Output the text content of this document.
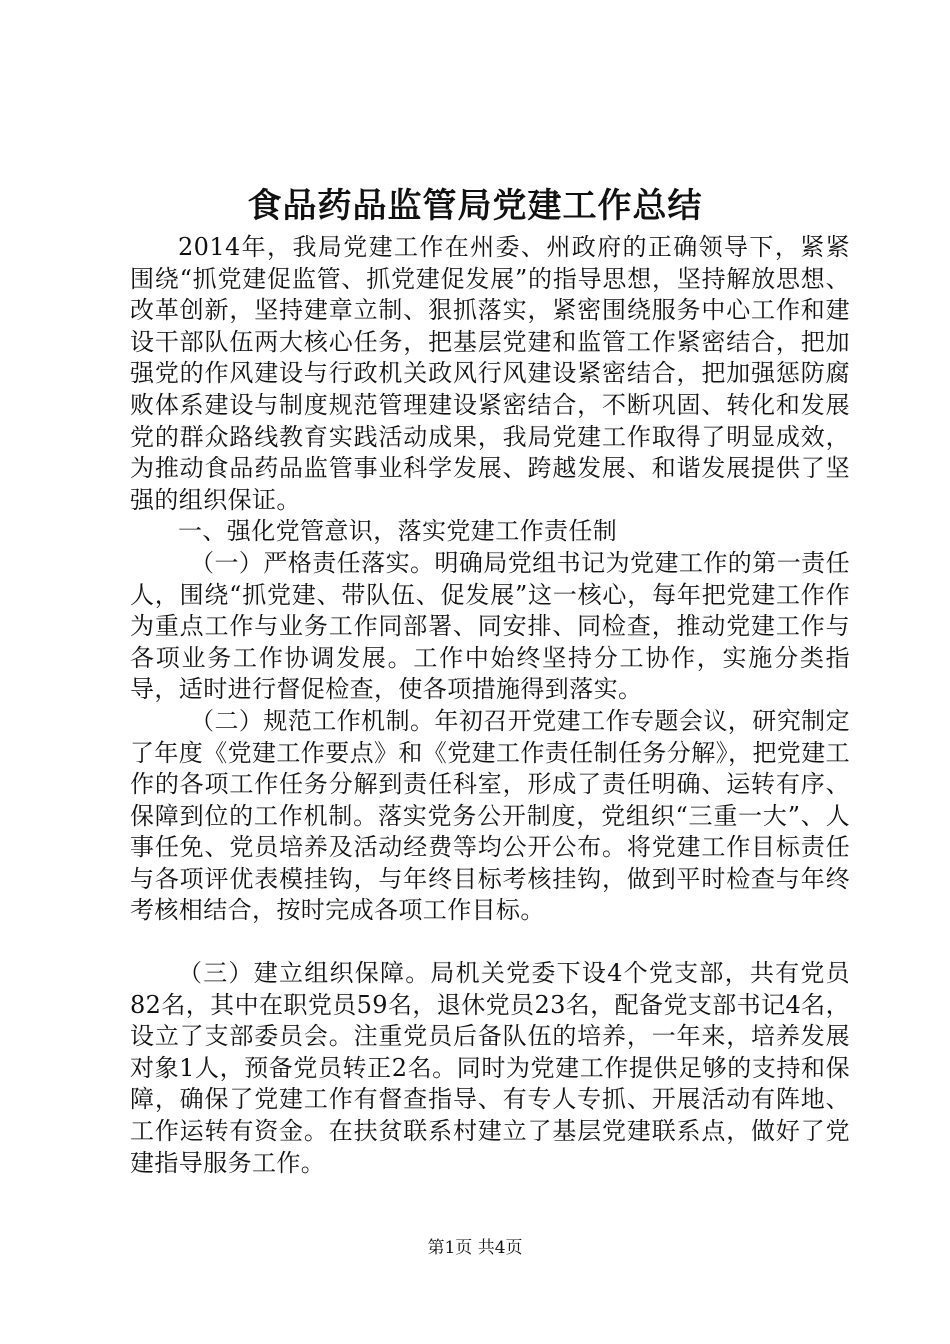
食品药品监管局党建工作总结

2014年，我局党建工作在州委、州政府的正确领导下，紧紧围绕“抓党建促监管、抓党建促发展”的指导思想，坚持解放思想、改革创新，坚持建章立制、狠抓落实，紧密围绕服务中心工作和建设干部队伍两大核心任务，把基层党建和监管工作紧密结合，把加强党的作风建设与行政机关政风行风建设紧密结合，把加强惩防腐败体系建设与制度规范管理建设紧密结合，不断巩固、转化和发展党的群众路线教育实践活动成果，我局党建工作取得了明显成效，为推动食品药品监管事业科学发展、跨越发展、和谐发展提供了坚强的组织保证。

一、强化党管意识，落实党建工作责任制

（一）严格责任落实。明确局党组书记为党建工作的第一责任人，围绕“抓党建、带队伍、促发展”这一核心，每年把党建工作作为重点工作与业务工作同部署、同安排、同检查，推动党建工作与各项业务工作协调发展。工作中始终坚持分工协作，实施分类指导，适时进行督促检查，使各项措施得到落实。

（二）规范工作机制。年初召开党建工作专题会议，研究制定了年度《党建工作要点》和《党建工作责任制任务分解》，把党建工作的各项工作任务分解到责任科室，形成了责任明确、运转有序、保障到位的工作机制。落实党务公开制度，党组织“三重一大”、人事任免、党员培养及活动经费等均公开公布。将党建工作目标责任与各项评优表模挂钩，与年终目标考核挂钩，做到平时检查与年终考核相结合，按时完成各项工作目标。

（三）建立组织保障。局机关党委下设4个党支部，共有党员82名，其中在职党员59名，退休党员23名，配备党支部书记4名，设立了支部委员会。注重党员后备队伍的培养，一年来，培养发展对象1人，预备党员转正2名。同时为党建工作提供足够的支持和保障，确保了党建工作有督查指导、有专人专抓、开展活动有阵地、工作运转有资金。在扶贫联系村建立了基层党建联系点，做好了党建指导服务工作。

第1页 共4页
